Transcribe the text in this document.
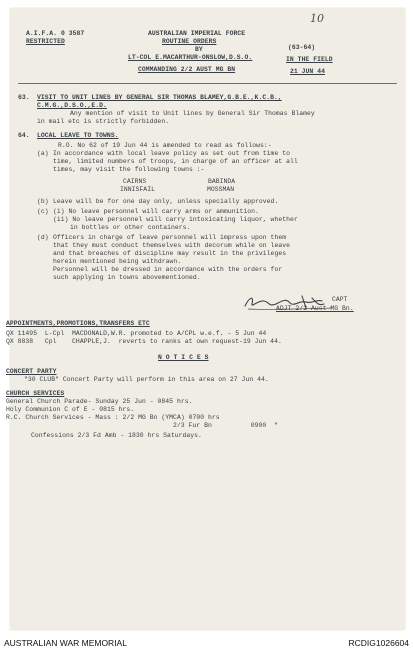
10
A.I.F.A. 0 3587
RESTRICTED
AUSTRALIAN IMPERIAL FORCE
ROUTINE ORDERS
BY
LT-COL E.MACARTHUR-ONSLOW,D.S.O.
COMMANDING 2/2 AUST MG BN
(63-64)
IN THE FIELD
21 JUN 44
63. VISIT TO UNIT LINES BY GENERAL SIR THOMAS BLAMEY,G.B.E.,K.C.B.,
C.M.G.,D.S.O.,E.D.
Any mention of visit to Unit lines by General Sir Thomas Blamey
in mail etc is strictly forbidden.
64. LOCAL LEAVE TO TOWNS.
R.O. No 62 of 19 Jun 44 is amended to read as follows:-
(a) In accordance with local leave policy as set out from time to
time, limited numbers of troops, in charge of an officer at all
times, may visit the following towns :-
CAIRNS
INNISFAIL
BABINDA
MOSSMAN
(b) Leave will be for one day only, unless specially approved.
(c) (i) No leave personnel will carry arms or ammunition.
(ii) No leave personnel will carry intoxicating liquor, whether
in bottles or other containers.
(d) Officers in charge of leave personnel will impress upon them
that they must conduct themselves with decorum while on leave
and that breaches of discipline may result in the privileges
herein mentioned being withdrawn.
Personnel will be dressed in accordance with the orders for
such applying in towns abovementioned.
CAPT
ADJT 2/2 Aust MG Bn.
APPOINTMENTS,PROMOTIONS,TRANSFERS ETC
QX 11495  L-Cpl  MACDONALD,W.R. promoted to A/CPL w.e.f. - 5 Jun 44
QX 8838   Cpl    CHAPPLE,J.  reverts to ranks at own request-19 Jun 44.
N O T I C E S
CONCERT PARTY
"30 CLUB" Concert Party will perform in this area on 27 Jun 44.
CHURCH SERVICES
General Church Parade- Sunday 25 Jun - 0845 hrs.
Holy Communion C of E - 0815 hrs.
R.C. Church Services - Mass : 2/2 MG Bn (YMCA) 0700 hrs
2/3 Fur Bn          0900  "
Confessions 2/3 Fd Amb - 1830 hrs Saturdays.
AUSTRALIAN WAR MEMORIAL	RCDIG1026604
